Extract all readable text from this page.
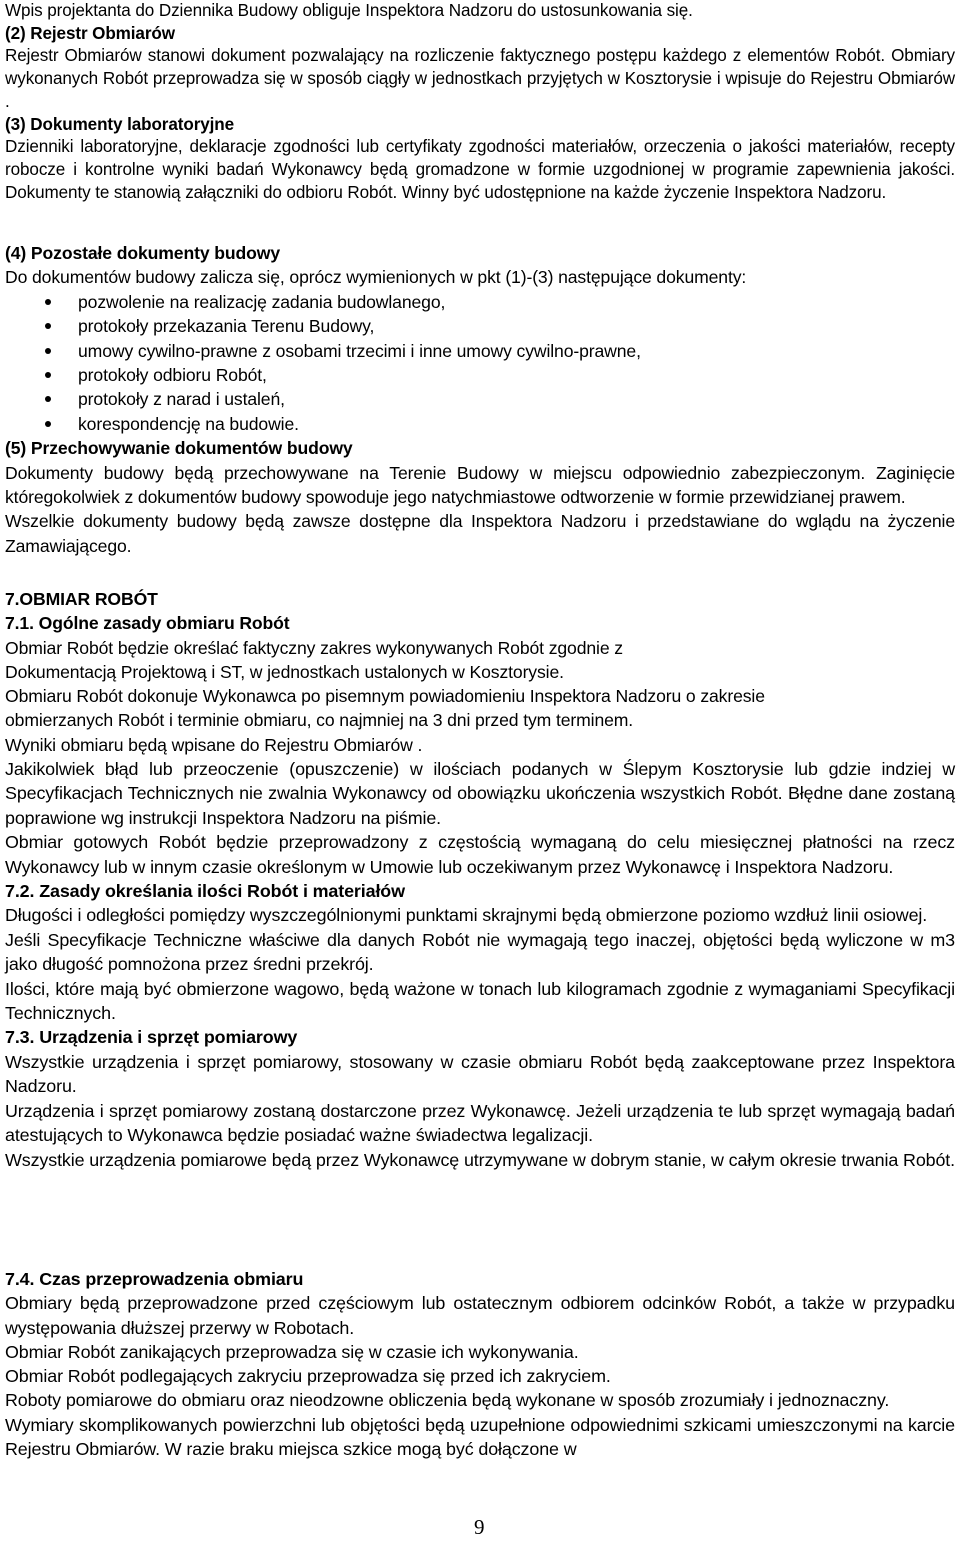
Wpis projektanta do Dziennika Budowy obliguje Inspektora Nadzoru do ustosunkowania się.
(2) Rejestr Obmiarów
Rejestr Obmiarów stanowi dokument pozwalający na rozliczenie faktycznego postępu każdego z elementów Robót. Obmiary wykonanych Robót przeprowadza się w sposób ciągły w jednostkach przyjętych w Kosztorysie i wpisuje do Rejestru Obmiarów .
(3) Dokumenty laboratoryjne
Dzienniki laboratoryjne, deklaracje zgodności lub certyfikaty zgodności materiałów, orzeczenia o jakości materiałów, recepty robocze i kontrolne wyniki badań Wykonawcy będą gromadzone w formie uzgodnionej w programie zapewnienia jakości. Dokumenty te stanowią załączniki do odbioru Robót. Winny być udostępnione na każde życzenie Inspektora Nadzoru.
(4) Pozostałe dokumenty budowy
Do dokumentów budowy zalicza się, oprócz wymienionych w pkt (1)-(3) następujące dokumenty:
pozwolenie na realizację zadania budowlanego,
protokoły przekazania Terenu Budowy,
umowy cywilno-prawne z osobami trzecimi i inne umowy cywilno-prawne,
protokoły odbioru Robót,
protokoły z narad i ustaleń,
korespondencję na budowie.
(5) Przechowywanie dokumentów budowy
Dokumenty budowy będą przechowywane na Terenie Budowy w miejscu odpowiednio zabezpieczonym. Zaginięcie któregokolwiek z dokumentów budowy spowoduje jego natychmiastowe odtworzenie w formie przewidzianej prawem.
Wszelkie dokumenty budowy będą zawsze dostępne dla Inspektora Nadzoru i przedstawiane do wglądu na życzenie Zamawiającego.
7.OBMIAR ROBÓT
7.1. Ogólne zasady obmiaru Robót
Obmiar Robót będzie określać faktyczny zakres wykonywanych Robót zgodnie z
Dokumentacją Projektową i ST, w jednostkach ustalonych w Kosztorysie.
Obmiaru Robót dokonuje Wykonawca po pisemnym powiadomieniu Inspektora Nadzoru o zakresie
obmierzanych Robót i terminie obmiaru, co najmniej na 3 dni przed tym terminem.
Wyniki obmiaru będą wpisane do Rejestru Obmiarów .
Jakikolwiek błąd lub przeoczenie (opuszczenie) w ilościach podanych w Ślepym Kosztorysie lub gdzie indziej w Specyfikacjach Technicznych nie zwalnia Wykonawcy od obowiązku ukończenia wszystkich Robót. Błędne dane zostaną poprawione wg instrukcji Inspektora Nadzoru na piśmie.
Obmiar gotowych Robót będzie przeprowadzony z częstością wymaganą do celu miesięcznej płatności na rzecz Wykonawcy lub w innym czasie określonym w Umowie lub oczekiwanym przez Wykonawcę i Inspektora Nadzoru.
7.2. Zasady określania ilości Robót i materiałów
Długości i odległości pomiędzy wyszczególnionymi punktami skrajnymi będą obmierzone poziomo wzdłuż linii osiowej.
Jeśli Specyfikacje Techniczne właściwe dla danych Robót nie wymagają tego inaczej, objętości będą wyliczone w m3 jako długość pomnożona przez średni przekrój.
Ilości, które mają być obmierzone wagowo, będą ważone w tonach lub kilogramach zgodnie z wymaganiami Specyfikacji Technicznych.
7.3. Urządzenia i sprzęt pomiarowy
Wszystkie urządzenia i sprzęt pomiarowy, stosowany w czasie obmiaru Robót będą zaakceptowane przez Inspektora Nadzoru.
Urządzenia i sprzęt pomiarowy zostaną dostarczone przez Wykonawcę. Jeżeli urządzenia te lub sprzęt wymagają badań atestujących to Wykonawca będzie posiadać ważne świadectwa legalizacji.
Wszystkie urządzenia pomiarowe będą przez Wykonawcę utrzymywane w dobrym stanie, w całym okresie trwania Robót.
7.4. Czas przeprowadzenia obmiaru
Obmiary będą przeprowadzone przed częściowym lub ostatecznym odbiorem odcinków Robót, a także w przypadku występowania dłuższej przerwy w Robotach.
Obmiar Robót zanikających przeprowadza się w czasie ich wykonywania.
Obmiar Robót podlegających zakryciu przeprowadza się przed ich zakryciem.
Roboty pomiarowe do obmiaru oraz nieodzowne obliczenia będą wykonane w sposób zrozumiały i jednoznaczny.
Wymiary skomplikowanych powierzchni lub objętości będą uzupełnione odpowiednimi szkicami umieszczonymi na karcie Rejestru Obmiarów. W razie braku miejsca szkice mogą być dołączone w
9
